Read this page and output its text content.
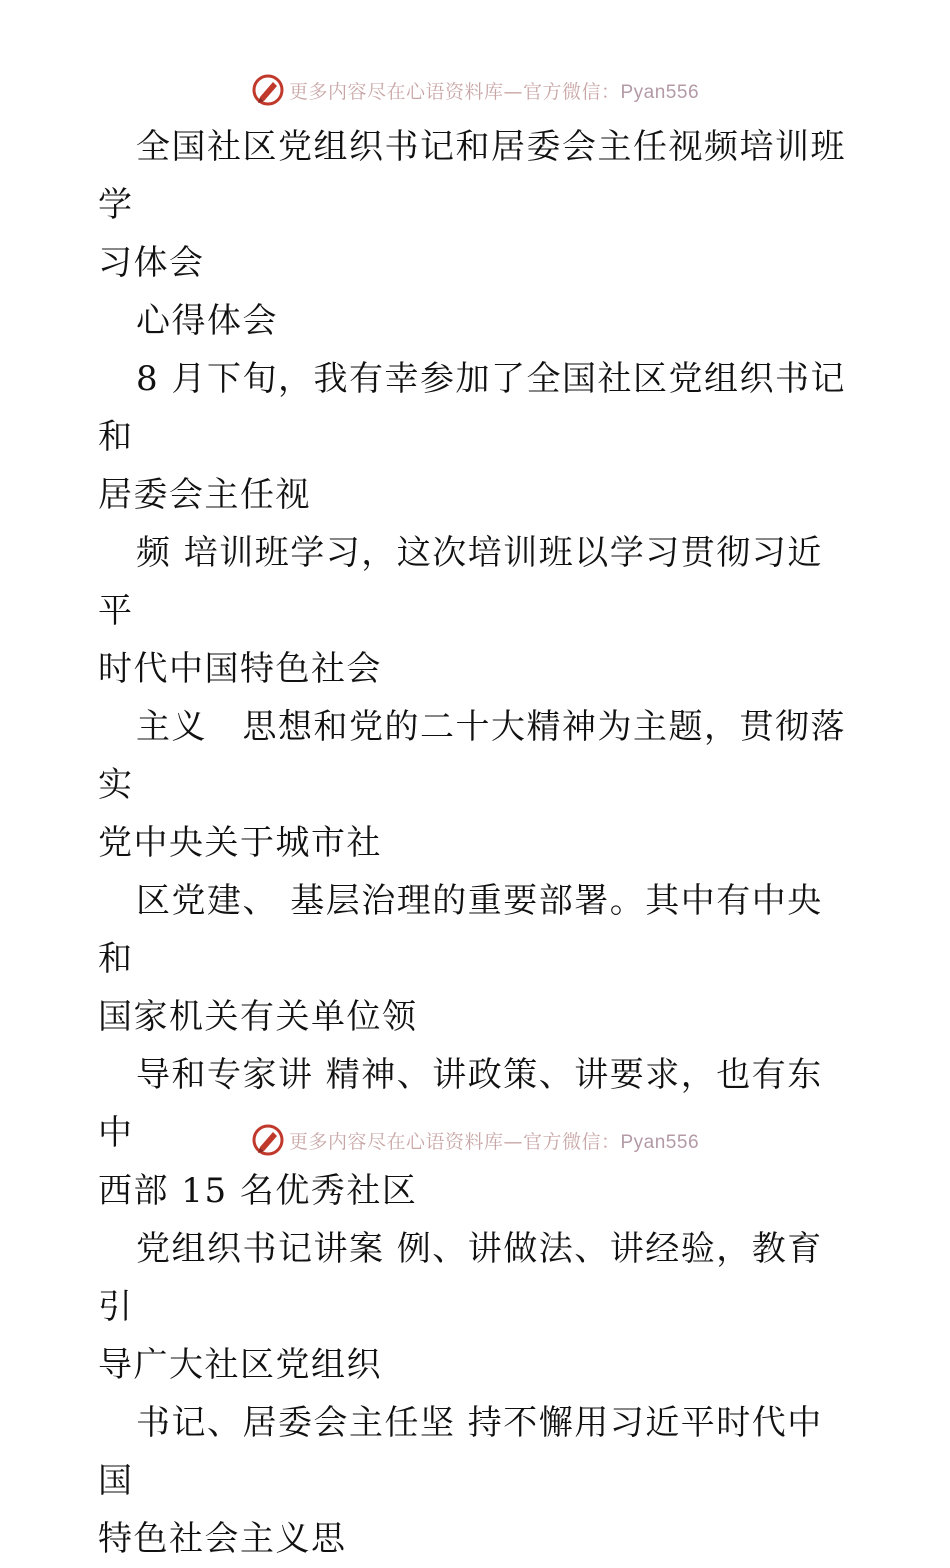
更多内容尽在心语资料库—官方微信：Pyan556

全国社区党组织书记和居委会主任视频培训班学
习体会

心得体会

8 月下旬，我有幸参加了全国社区党组织书记和
居委会主任视

频 培训班学习，这次培训班以学习贯彻习近平
时代中国特色社会

主义　思想和党的二十大精神为主题，贯彻落实
党中央关于城市社

区党建、 基层治理的重要部署。其中有中央和
国家机关有关单位领

导和专家讲 精神、讲政策、讲要求，也有东中
西部 15 名优秀社区

党组织书记讲案 例、讲做法、讲经验，教育引
导广大社区党组织

书记、居委会主任坚 持不懈用习近平时代中国
特色社会主义思

更多内容尽在心语资料库—官方微信：Pyan556
